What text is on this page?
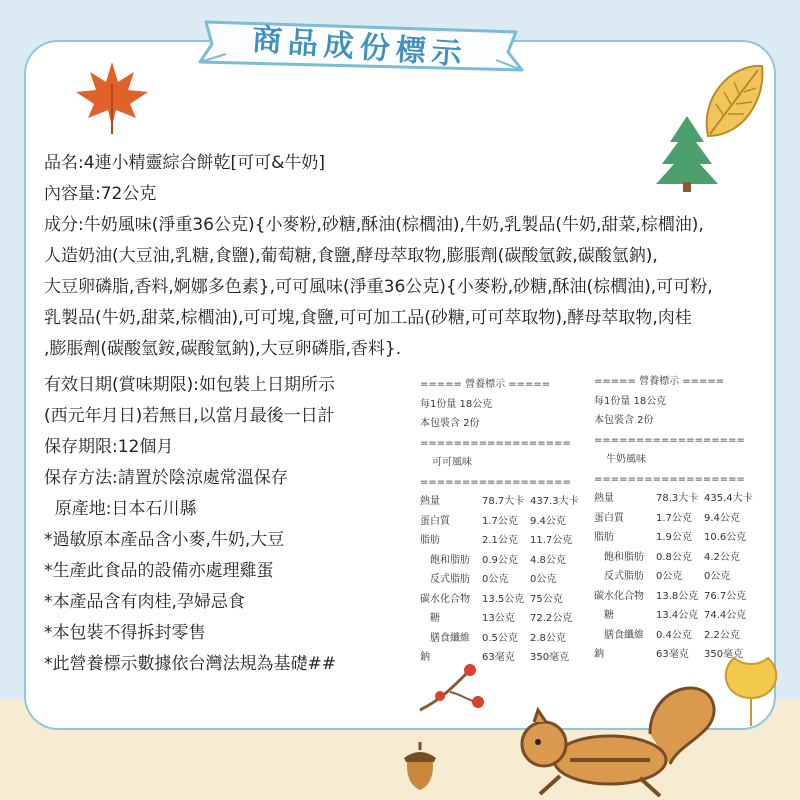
商品成份標示
品名:4連小精靈綜合餅乾[可可&牛奶]
內容量:72公克
成分:牛奶風味(淨重36公克){小麥粉,砂糖,酥油(棕櫚油),牛奶,乳製品(牛奶,甜菜,棕櫚油),
人造奶油(大豆油,乳糖,食鹽),葡萄糖,食鹽,酵母萃取物,膨脹劑(碳酸氫銨,碳酸氫鈉),
大豆卵磷脂,香料,婀娜多色素},可可風味(淨重36公克){小麥粉,砂糖,酥油(棕櫚油),可可粉,
乳製品(牛奶,甜菜,棕櫚油),可可塊,食鹽,可可加工品(砂糖,可可萃取物),酵母萃取物,肉桂
,膨脹劑(碳酸氫銨,碳酸氫鈉),大豆卵磷脂,香料}.
有效日期(賞味期限):如包裝上日期所示
(西元年月日)若無日,以當月最後一日計
保存期限:12個月
保存方法:請置於陰涼處常溫保存
原產地:日本石川縣
*過敏原本產品含小麥,牛奶,大豆
*生產此食品的設備亦處理雞蛋
*本產品含有肉桂,孕婦忌食
*本包裝不得拆封零售
*此營養標示數據依台灣法規為基礎##
===== 營養標示 =====
每1份量 18公克
本包裝含 2份
==================
可可風味
==================
熱量	78.7大卡 437.3大卡
蛋白質	1.7公克 9.4公克
脂肪	2.1公克 11.7公克
飽和脂肪 0.9公克 4.8公克
反式脂肪 0公克 0公克
碳水化合物 13.5公克 75公克
糖	13公克 72.2公克
膳食纖維 0.5公克 2.8公克
鈉	63毫克 350毫克
===== 營養標示 =====
每1份量 18公克
本包裝含 2份
==================
牛奶風味
==================
熱量	78.3大卡 435.4大卡
蛋白質	1.7公克 9.4公克
脂肪	1.9公克 10.6公克
飽和脂肪 0.8公克 4.2公克
反式脂肪 0公克 0公克
碳水化合物 13.8公克 76.7公克
糖	13.4公克 74.4公克
膳食纖維 0.4公克 2.2公克
鈉	63毫克 350毫克
